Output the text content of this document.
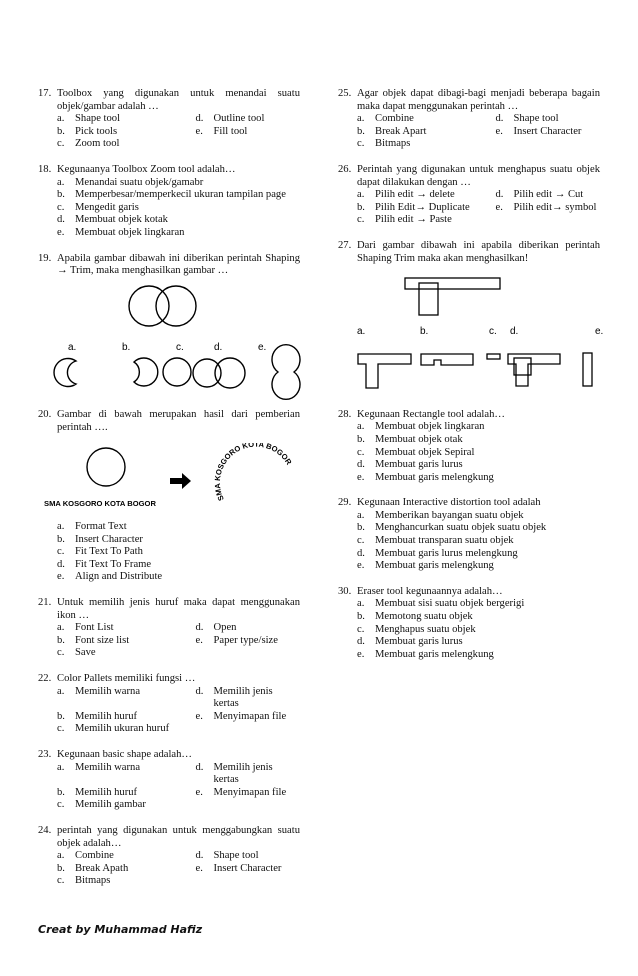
17. Toolbox yang digunakan untuk menandai suatu objek/gambar adalah …
a.	Shape tool	d. Outline tool
b. Pick tools	e.	Fill tool
c.	Zoom tool
18. Kegunaanya Toolbox Zoom tool adalah…
a.	Menandai suatu objek/gamabr
b. Memperbesar/memperkecil ukuran tampilan page
c.	Mengedit garis
d. Membuat objek kotak
e.	Membuat objek lingkaran
19. Apabila gambar dibawah ini diberikan perintah Shaping → Trim, maka menghasilkan gambar …
a.	b.	c.	d.	e.
20. Gambar di bawah merupakan hasil dari pemberian perintah ….
SMA KOSGORO KOTA BOGOR
SMA KOSGORO KOTA BOGOR
a.	Format Text
b. Insert Character
c.	Fit Text To Path
d. Fit Text To Frame
e.	Align and Distribute
21. Untuk memilih jenis huruf maka dapat menggunakan ikon …
a.	Font List	d. Open
b. Font size list	e.	Paper type/size
c.	Save
22. Color Pallets memiliki fungsi …
a.	Memilih warna	d. Memilih jenis kertas
b. Memilih huruf	e.	Menyimapan file
c.	Memilih ukuran huruf
23. Kegunaan basic shape adalah…
a.	Memilih warna	d. Memilih jenis kertas
b. Memilih huruf	e.	Menyimapan file
c.	Memilih gambar
24. perintah yang digunakan untuk menggabungkan suatu objek adalah…
a.	Combine	d. Shape tool
b. Break Apath	e.	Insert Character
c.	Bitmaps
25. Agar objek dapat dibagi-bagi menjadi beberapa bagain maka dapat menggunakan perintah …
a.	Combine	d. Shape tool
b. Break Apart	e.	Insert Character
c.	Bitmaps
26. Perintah yang digunakan untuk menghapus suatu objek dapat dilakukan dengan …
a.	Pilih edit → delete	d. Pilih edit → Cut
b. Pilih Edit→ Duplicate e.	Pilih edit→ symbol
c.	Pilih edit → Paste
27. Dari gambar dibawah ini apabila diberikan perintah Shaping Trim maka akan menghasilkan!
a.	b.	c. d.	e.
28. Kegunaan Rectangle tool adalah…
a.	Membuat objek lingkaran
b. Membuat objek otak
c.	Membuat objek Sepiral
d. Membuat garis lurus
e.	Membuat garis melengkung
29. Kegunaan Interactive distortion tool adalah
a.	Memberikan bayangan suatu objek
b. Menghancurkan suatu objek suatu objek
c.	Membuat transparan suatu objek
d. Membuat garis lurus melengkung
e.	Membuat garis melengkung
30. Eraser tool kegunaannya adalah…
a.	Membuat sisi suatu objek bergerigi
b. Memotong suatu objek
c.	Menghapus suatu objek
d. Membuat garis lurus
e.	Membuat garis melengkung
Creat by Muhammad Hafiz
